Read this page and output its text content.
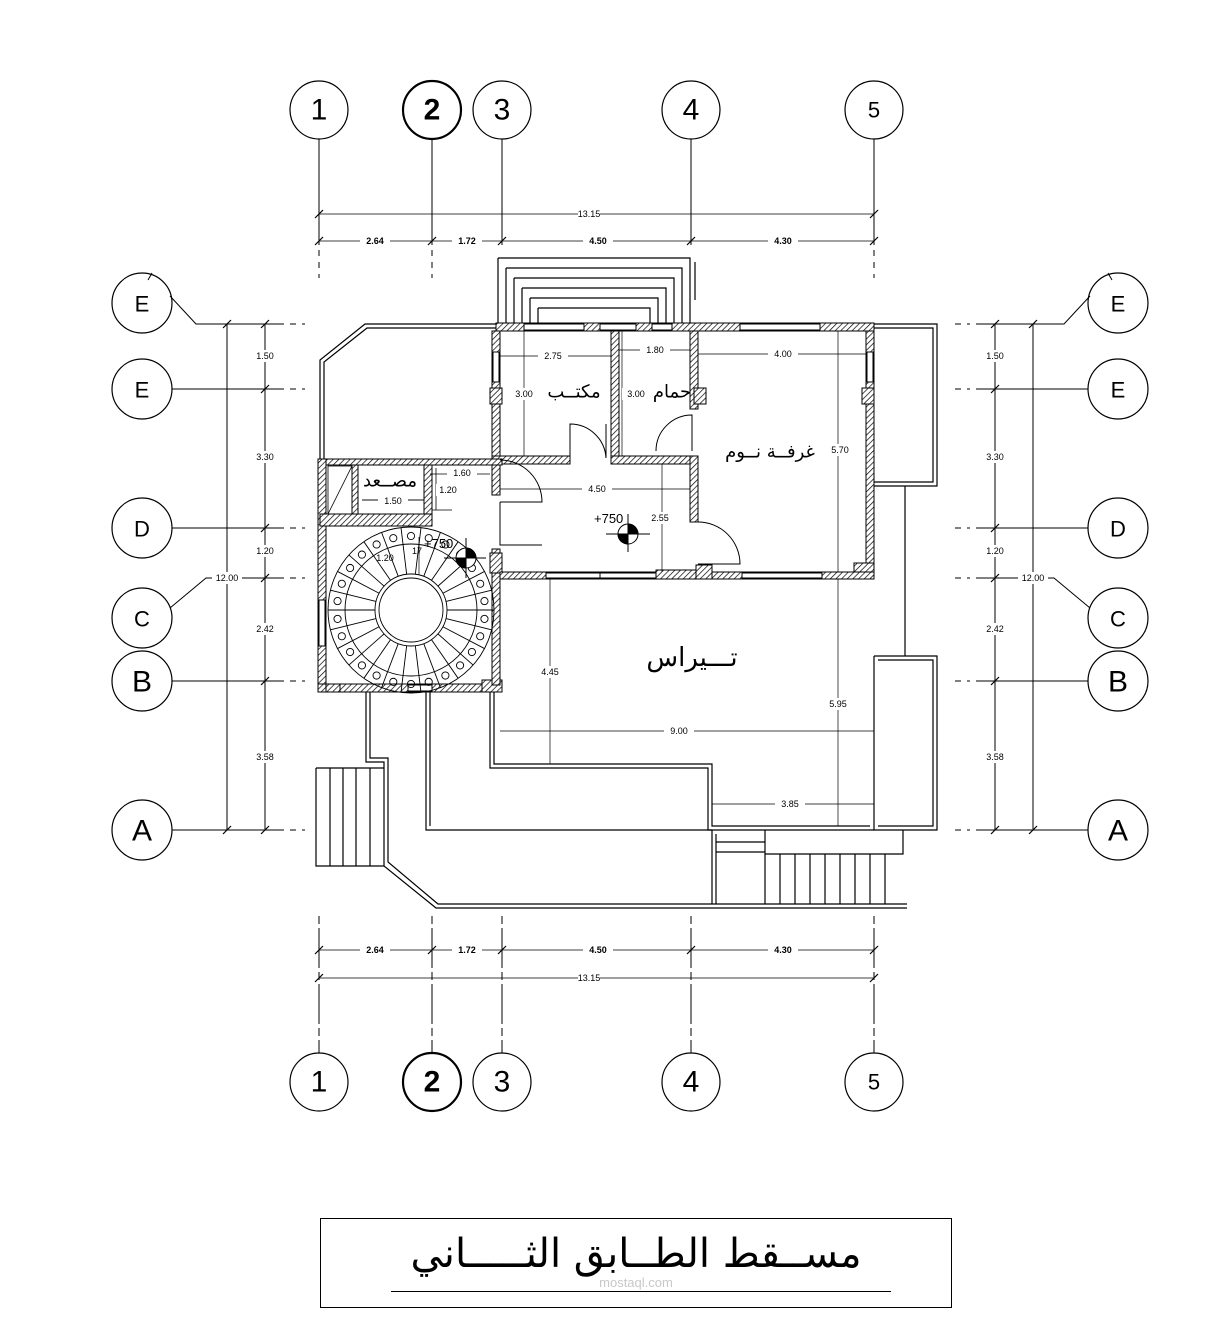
1	2 3	4	5
1	2 3	4	5
13.15
2.64	1.72	4.50	4.30
2.64	1.72	4.50	4.30
13.15
E
E
D
C
B
A
E
E
D
C
B
A
1.50
3.30
1.20
2.42
3.58
12.00
1.50
3.30
1.20
2.42
3.58
12.00
2.75
1.80	4.00
3.00	3.00
5.70
1.60
1.20
1.50
4.50
2.55
1.20
17
9.00
4.45
5.95
3.85
مكتــب	حمام
غرفــة نــوم
مصــعد
تـــيراس
+750
+750
مســقط الطــابق الثـــــاني
mostaql.com
